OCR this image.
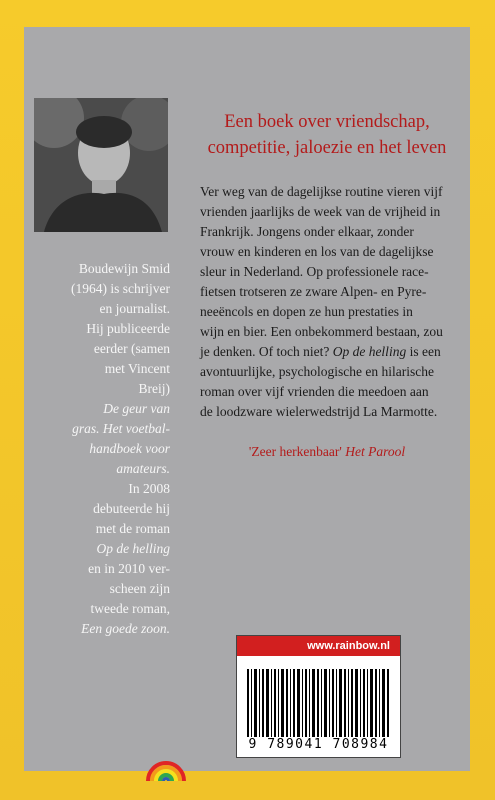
Boudewijn Smid
(1964) is schrijver
en journalist.
Hij publiceerde
eerder (samen
met Vincent
Breij)
De geur van
gras. Het voetbal-
handboek voor
amateurs.
In 2008
debuteerde hij
met de roman
Op de helling
en in 2010 ver-
scheen zijn
tweede roman,
Een goede zoon.
Een boek over vriendschap,
competitie, jaloezie en het leven
Ver weg van de dagelijkse routine vieren vijf
vrienden jaarlijks de week van de vrijheid in
Frankrijk. Jongens onder elkaar, zonder
vrouw en kinderen en los van de dagelijkse
sleur in Nederland. Op professionele race-
fietsen trotseren ze zware Alpen- en Pyre-
neeëncols en dopen ze hun prestaties in
wijn en bier. Een onbekommerd bestaan, zou
je denken. Of toch niet? Op de helling is een
avontuurlijke, psychologische en hilarische
roman over vijf vrienden die meedoen aan
de loodzware wielerwedstrijd La Marmotte.
'Zeer herkenbaar' Het Parool
www.rainbow.nl
9 789041 708984
